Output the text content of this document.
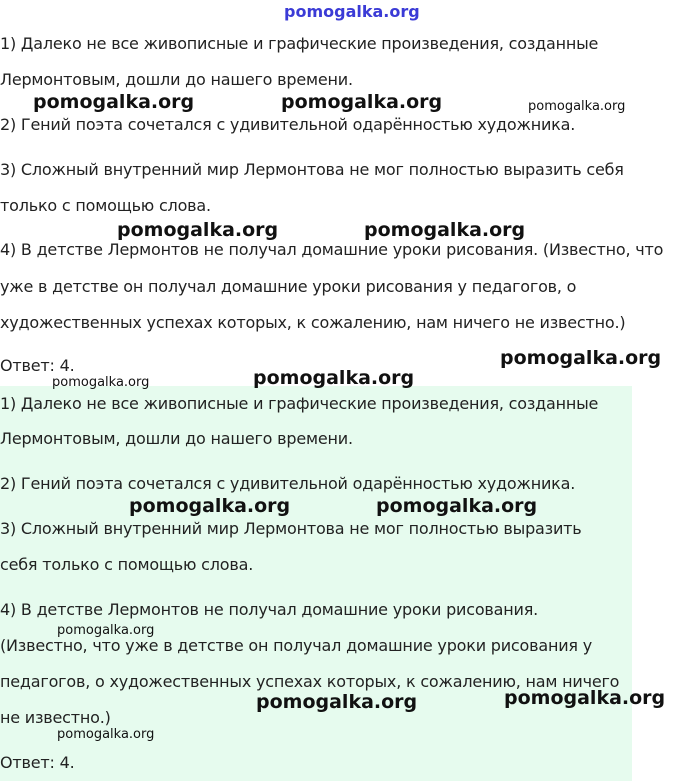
pomogalka.org
1) Далеко не все живописные и графические произведения, созданные
Лермонтовым, дошли до нашего времени.
2) Гений поэта сочетался с удивительной одарённостью художника.
3) Сложный внутренний мир Лермонтова не мог полностью выразить себя
только с помощью слова.
4) В детстве Лермонтов не получал домашние уроки рисования. (Известно, что
уже в детстве он получал домашние уроки рисования у педагогов, о
художественных успехах которых, к сожалению, нам ничего не известно.)
Ответ: 4.
1) Далеко не все живописные и графические произведения, созданные
Лермонтовым, дошли до нашего времени.
2) Гений поэта сочетался с удивительной одарённостью художника.
3) Сложный внутренний мир Лермонтова не мог полностью выразить
себя только с помощью слова.
4) В детстве Лермонтов не получал домашние уроки рисования.
(Известно, что уже в детстве он получал домашние уроки рисования у
педагогов, о художественных успехах которых, к сожалению, нам ничего
не известно.)
Ответ: 4.
pomogalka.org	pomogalka.org	pomogalka.org
pomogalka.org	pomogalka.org
pomogalka.org
pomogalka.org	pomogalka.org
pomogalka.org	pomogalka.org
pomogalka.org
pomogalka.org
pomogalka.org
pomogalka.org
